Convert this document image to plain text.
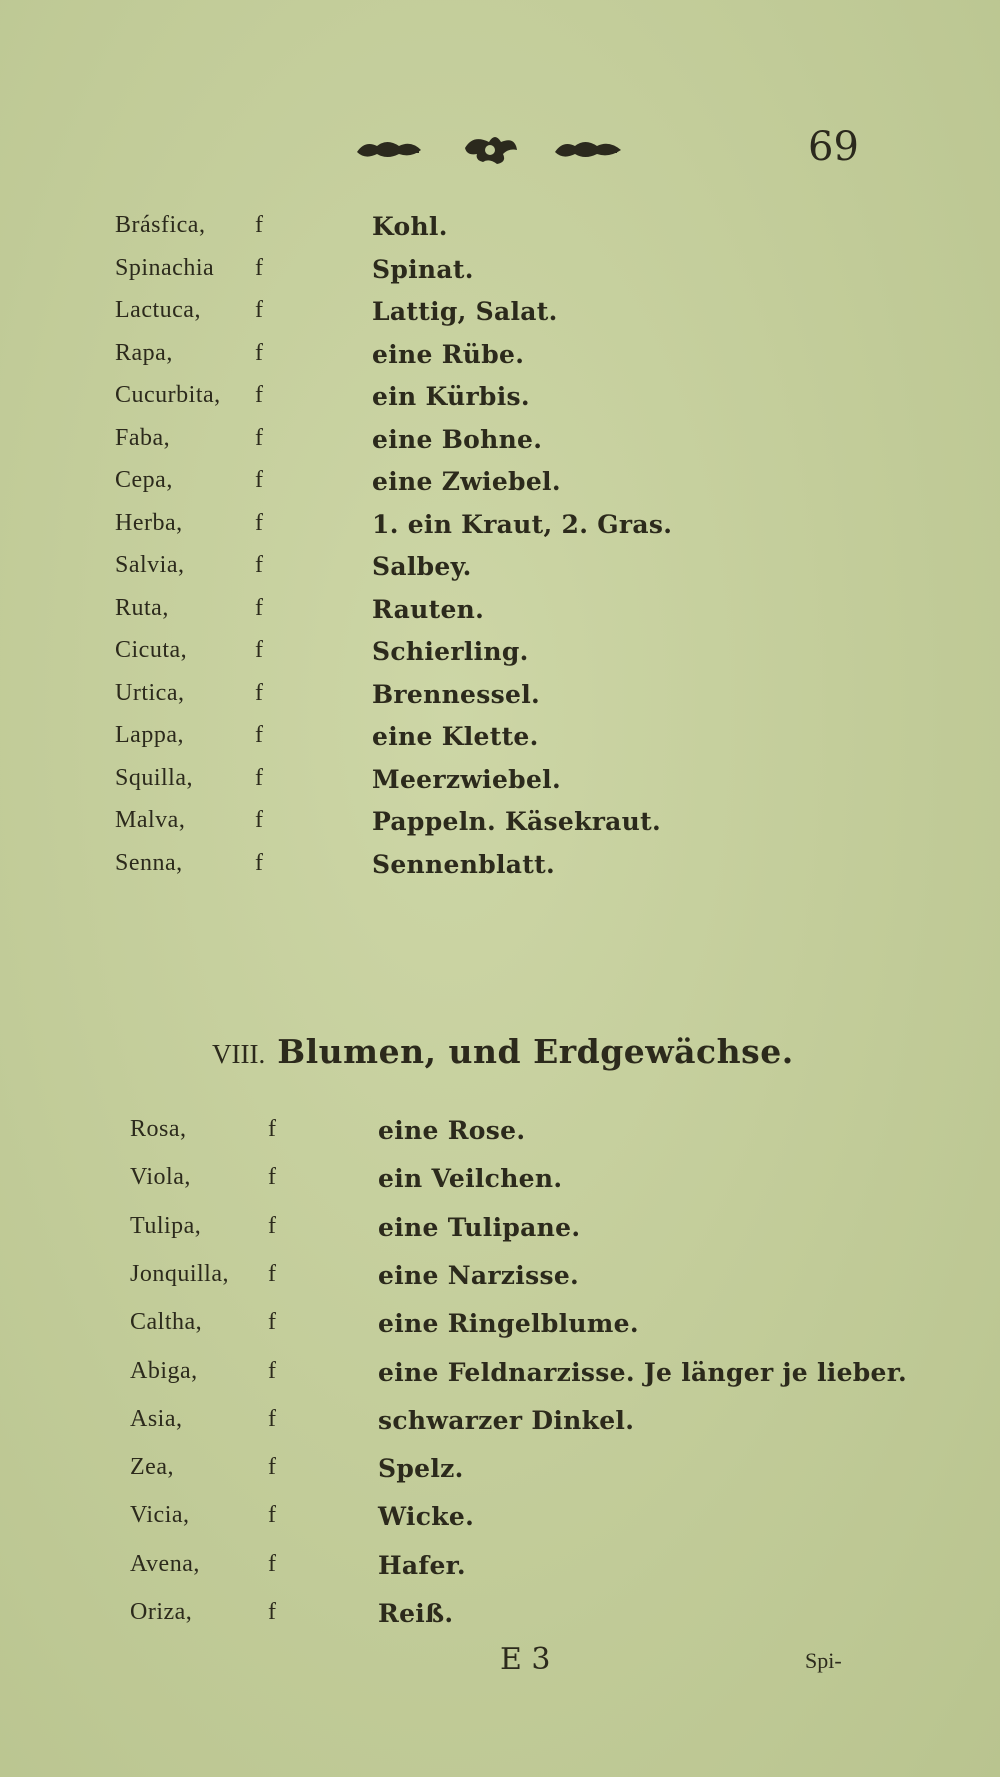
69
Brásfica, f	Kohl.
Spinachia f	Spinat.
Lactuca, f	Lattig, Salat.
Rapa,	f	eine Rübe.
Cucurbita, f	ein Kürbis.
Faba,	f	eine Bohne.
Cepa,	f	eine Zwiebel.
Herba,	f	1. ein Kraut, 2. Gras.
Salvia,	f	Salbey.
Ruta,	f	Rauten.
Cicuta,	f	Schierling.
Urtica,	f	Brennessel.
Lappa,	f	eine Klette.
Squilla,	f	Meerzwiebel.
Malva,	f	Pappeln. Käsekraut.
Senna,	f	Sennenblatt.
VIII. Blumen, und Erdgewächse.
Rosa,	f	eine Rose.
Viola,	f	ein Veilchen.
Tulipa,	f	eine Tulipane.
Jonquilla, f	eine Narzisse.
Caltha,	f	eine Ringelblume.
Abiga,	f	eine Feldnarzisse. Je länger je lieber.
Asia,	f	schwarzer Dinkel.
Zea,	f	Spelz.
Vicia,	f	Wicke.
Avena,	f	Hafer.
Oriza,	f	Reiß.
E 3	Spi-
